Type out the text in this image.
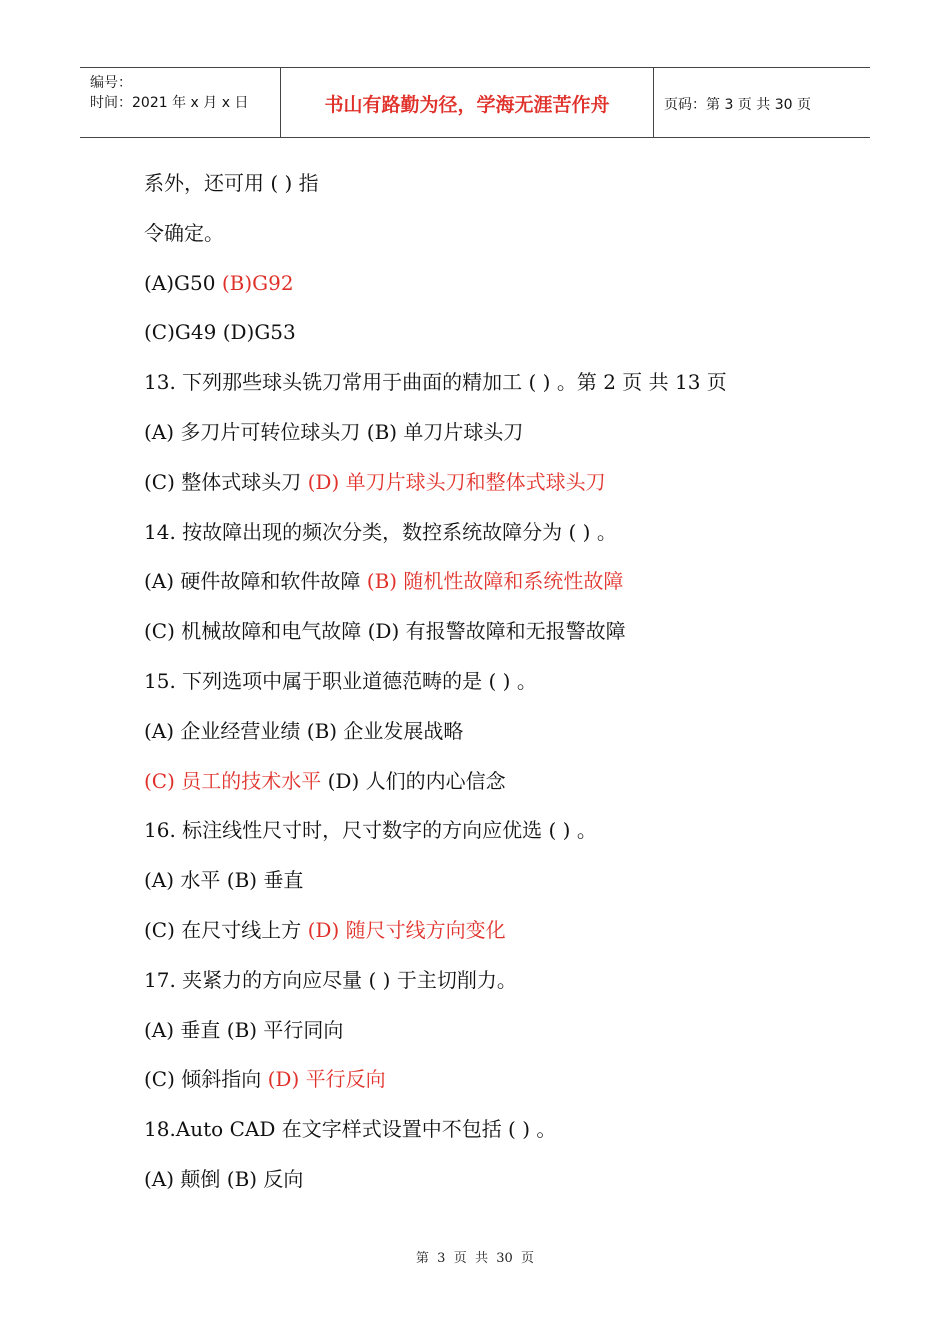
编号：
时间：2021 年 x 月 x 日	书山有路勤为径，学海无涯苦作舟	页码：第 3 页 共 30 页
系外，还可用 ( ) 指
令确定。
(A)G50 (B)G92
(C)G49 (D)G53
13. 下列那些球头铣刀常用于曲面的精加工 ( ) 。第 2 页 共 13 页
(A) 多刀片可转位球头刀 (B) 单刀片球头刀
(C) 整体式球头刀 (D) 单刀片球头刀和整体式球头刀
14. 按故障出现的频次分类，数控系统故障分为 ( ) 。
(A) 硬件故障和软件故障 (B) 随机性故障和系统性故障
(C) 机械故障和电气故障 (D) 有报警故障和无报警故障
15. 下列选项中属于职业道德范畴的是 ( ) 。
(A) 企业经营业绩 (B) 企业发展战略
(C) 员工的技术水平 (D) 人们的内心信念
16. 标注线性尺寸时，尺寸数字的方向应优选 ( ) 。
(A) 水平 (B) 垂直
(C) 在尺寸线上方 (D) 随尺寸线方向变化
17. 夹紧力的方向应尽量 ( ) 于主切削力。
(A) 垂直 (B) 平行同向
(C) 倾斜指向 (D) 平行反向
18.Auto CAD 在文字样式设置中不包括 ( ) 。
(A) 颠倒 (B) 反向
第  3  页  共  30  页
